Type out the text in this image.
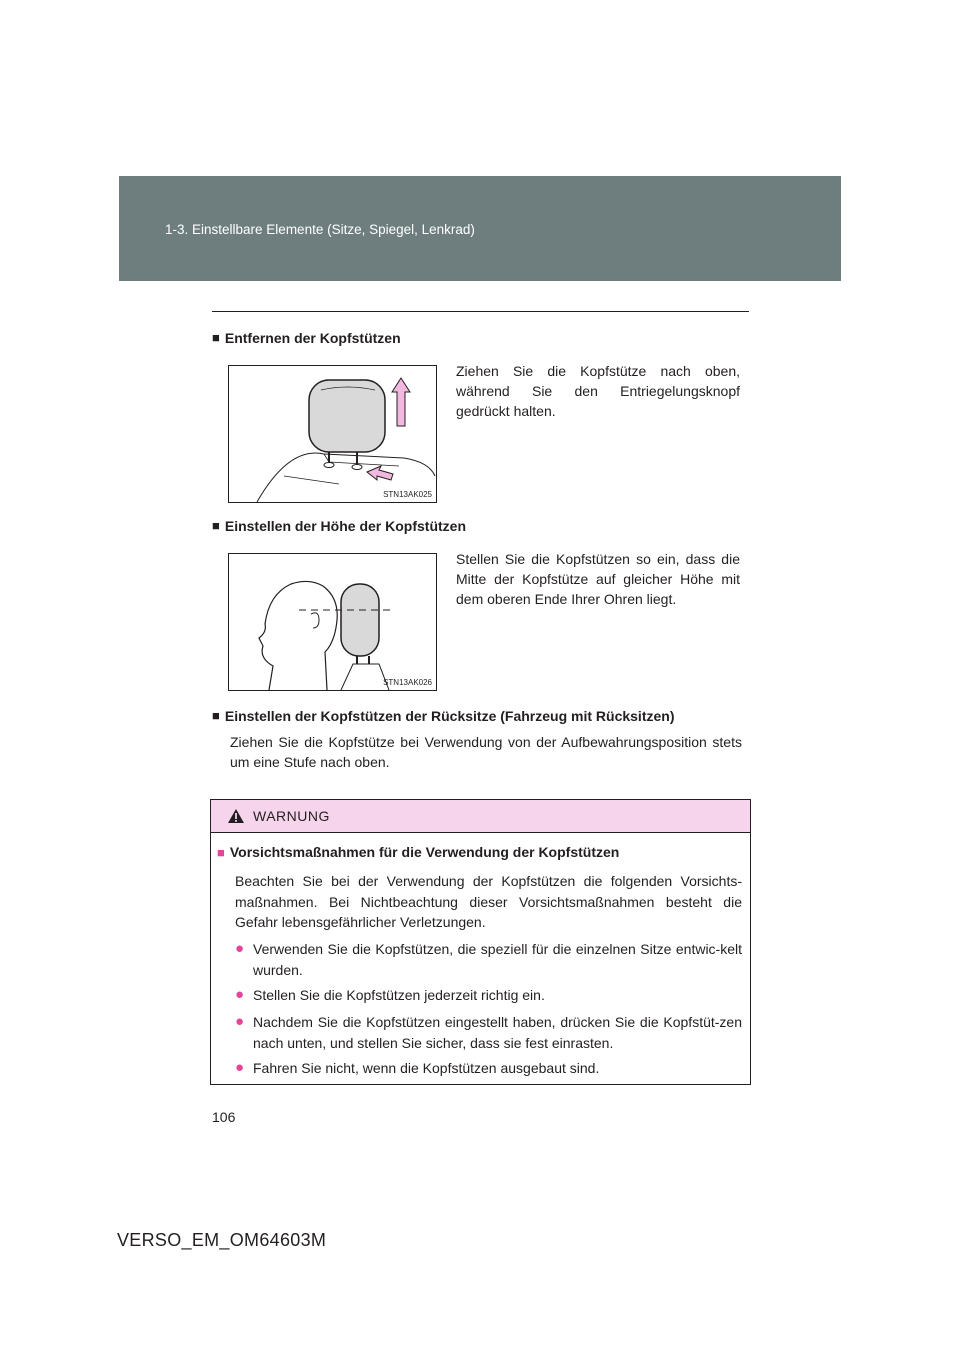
1-3. Einstellbare Elemente (Sitze, Spiegel, Lenkrad)
■ Entfernen der Kopfstützen
Ziehen Sie die Kopfstütze nach oben, während Sie den Entriegelungsknopf gedrückt halten.
STN13AK025
■ Einstellen der Höhe der Kopfstützen
Stellen Sie die Kopfstützen so ein, dass die Mitte der Kopfstütze auf gleicher Höhe mit dem oberen Ende Ihrer Ohren liegt.
STN13AK026
■ Einstellen der Kopfstützen der Rücksitze (Fahrzeug mit Rücksitzen)
Ziehen Sie die Kopfstütze bei Verwendung von der Aufbewahrungsposition stets um eine Stufe nach oben.
WARNUNG
■ Vorsichtsmaßnahmen für die Verwendung der Kopfstützen
Beachten Sie bei der Verwendung der Kopfstützen die folgenden Vorsichts-maßnahmen. Bei Nichtbeachtung dieser Vorsichtsmaßnahmen besteht die Gefahr lebensgefährlicher Verletzungen.
● Verwenden Sie die Kopfstützen, die speziell für die einzelnen Sitze entwic-kelt wurden.
● Stellen Sie die Kopfstützen jederzeit richtig ein.
● Nachdem Sie die Kopfstützen eingestellt haben, drücken Sie die Kopfstüt-zen nach unten, und stellen Sie sicher, dass sie fest einrasten.
● Fahren Sie nicht, wenn die Kopfstützen ausgebaut sind.
106
VERSO_EM_OM64603M
